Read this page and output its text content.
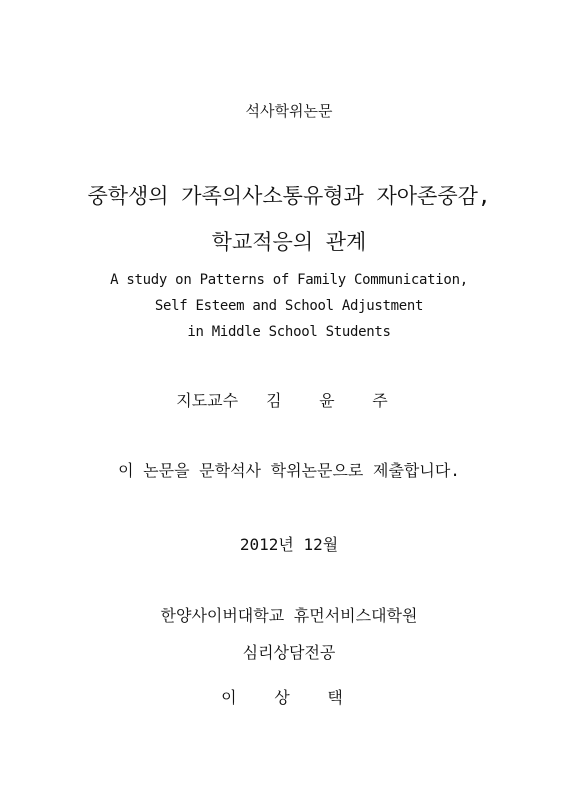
석사학위논문
중학생의 가족의사소통유형과 자아존중감,
학교적응의 관계
A study on Patterns of Family Communication,
Self Esteem and School Adjustment
in Middle School Students
지도교수 김 윤 주
이 논문을 문학석사 학위논문으로 제출합니다.
2012년 12월
한양사이버대학교 휴먼서비스대학원
심리상담전공
이 상 택
